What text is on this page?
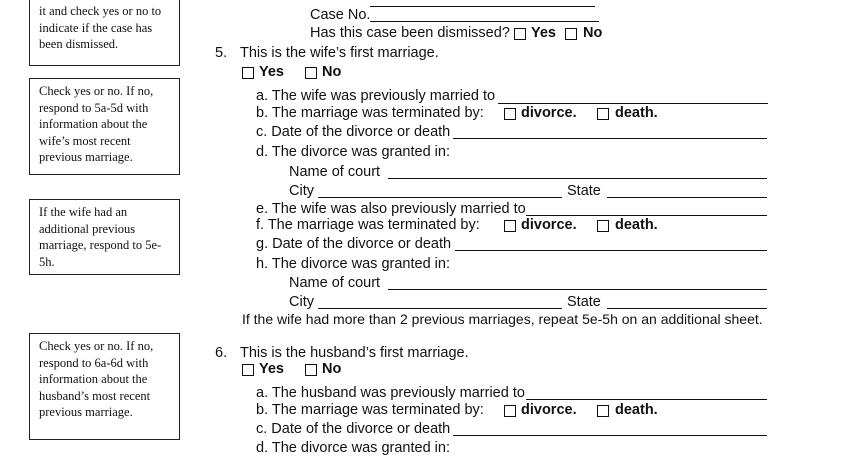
it and check yes or no to indicate if the case has been dismissed.
Check yes or no. If no, respond to 5a-5d with information about the wife’s most recent previous marriage.
If the wife had an additional previous marriage, respond to 5e-5h.
Check yes or no. If no, respond to 6a-6d with information about the husband’s most recent previous marriage.
Case No.
Has this case been dismissed? Yes No
5. This is the wife’s first marriage.
Yes	No
a. The wife was previously married to
b. The marriage was terminated by:	divorce.	death.
c. Date of the divorce or death
d. The divorce was granted in:
Name of court
City	State
e. The wife was also previously married to
f. The marriage was terminated by:	divorce.	death.
g. Date of the divorce or death
h. The divorce was granted in:
Name of court
City	State
If the wife had more than 2 previous marriages, repeat 5e-5h on an additional sheet.
6. This is the husband’s first marriage.
Yes	No
a. The husband was previously married to
b. The marriage was terminated by:	divorce.	death.
c. Date of the divorce or death
d. The divorce was granted in:
